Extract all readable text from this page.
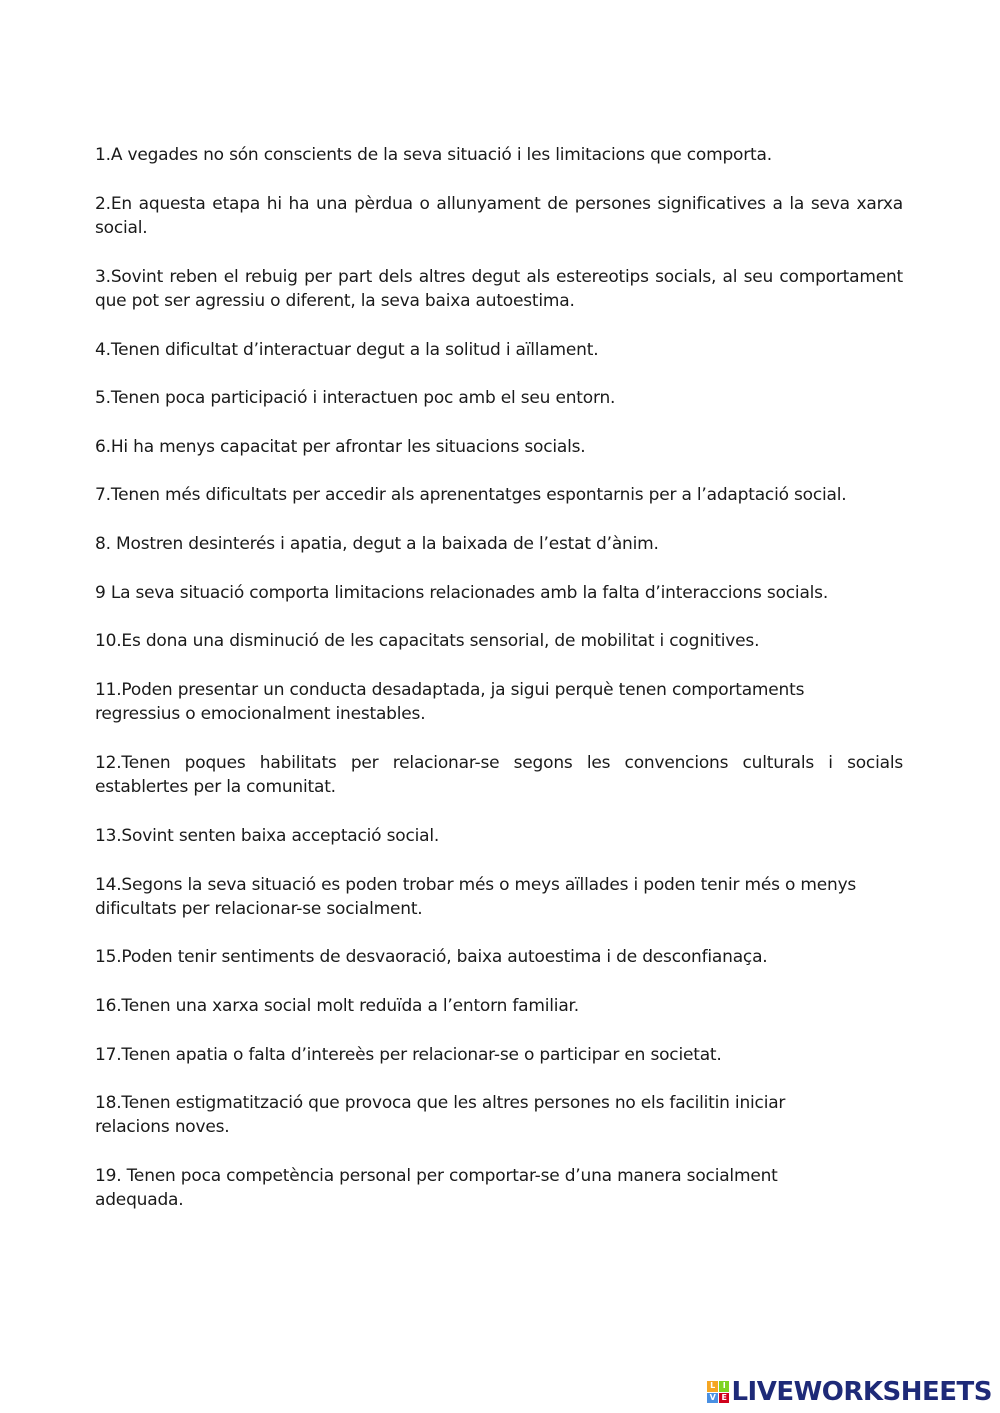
1.A vegades no són conscients de la seva situació i les limitacions que comporta.

2.En aquesta etapa hi ha una pèrdua o allunyament de persones significatives a la seva xarxa social.

3.Sovint reben el rebuig per part dels altres degut als estereotips socials, al seu comportament que pot ser agressiu o diferent, la seva baixa autoestima.

4.Tenen dificultat d’interactuar degut a la solitud i aïllament.

5.Tenen poca participació i interactuen poc amb el seu entorn.

6.Hi ha menys capacitat per afrontar les situacions socials.

7.Tenen més dificultats per accedir als aprenentatges espontarnis per a l’adaptació social.

8. Mostren desinterés i apatia, degut a la baixada de l’estat d’ànim.

9 La seva situació comporta limitacions relacionades amb la falta d’interaccions socials.

10.Es dona una disminució de les capacitats sensorial, de mobilitat i cognitives.

11.Poden presentar un conducta desadaptada, ja sigui perquè tenen comportaments regressius o emocionalment inestables.

12.Tenen poques habilitats per relacionar-se segons les convencions culturals i socials establertes per la comunitat.

13.Sovint senten baixa acceptació social.

14.Segons la seva situació es poden trobar més o meys aïllades i poden tenir més o menys dificultats per relacionar-se socialment.

15.Poden tenir sentiments de desvaoració, baixa autoestima i de desconfianaça.

16.Tenen una xarxa social molt reduïda a l’entorn familiar.

17.Tenen apatia o falta d’intereès per relacionar-se o participar en societat.

18.Tenen estigmatització que provoca que les altres persones no els facilitin iniciar relacions noves.

19. Tenen poca competència personal per comportar-se d’una manera socialment adequada.

L I
V E LIVEWORKSHEETS
